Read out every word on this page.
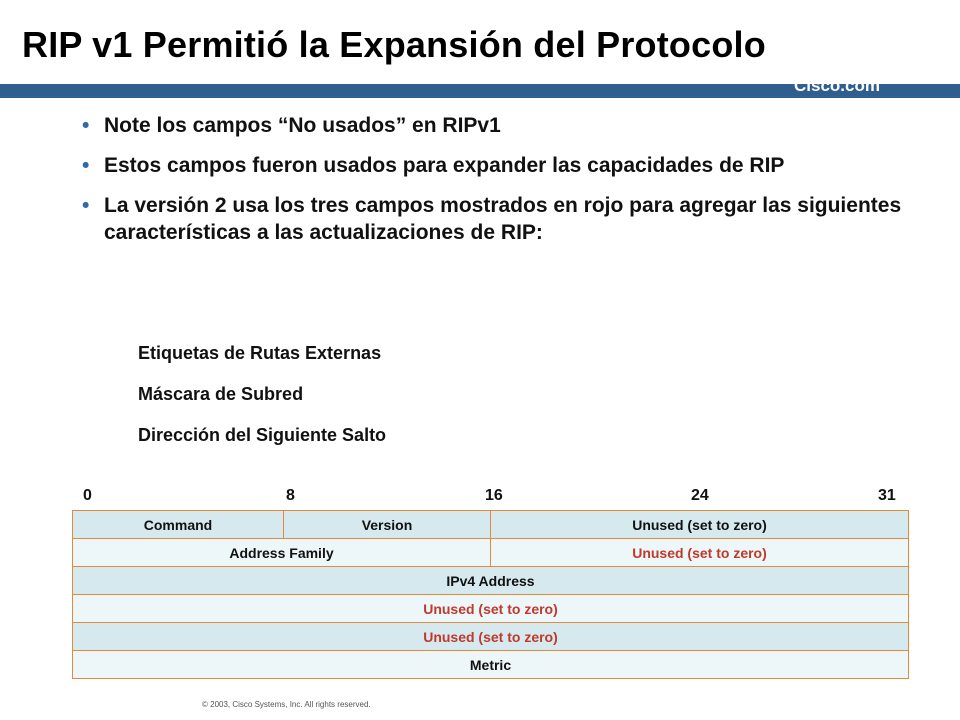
RIP v1 Permitió la Expansión del Protocolo
Cisco.com
• Note los campos “No usados” en RIPv1
• Estos campos fueron usados para expander las capacidades de RIP
• La versión 2 usa los tres campos mostrados en rojo para agregar las siguientes características a las actualizaciones de RIP:
Etiquetas de Rutas Externas
Máscara de Subred
Dirección del Siguiente Salto
0	8	16	24	31
Command	Version	Unused (set to zero)
Address Family		Unused (set to zero)
IPv4 Address		
Unused (set to zero)		
Unused (set to zero)		
Metric		
© 2003, Cisco Systems, Inc. All rights reserved.
